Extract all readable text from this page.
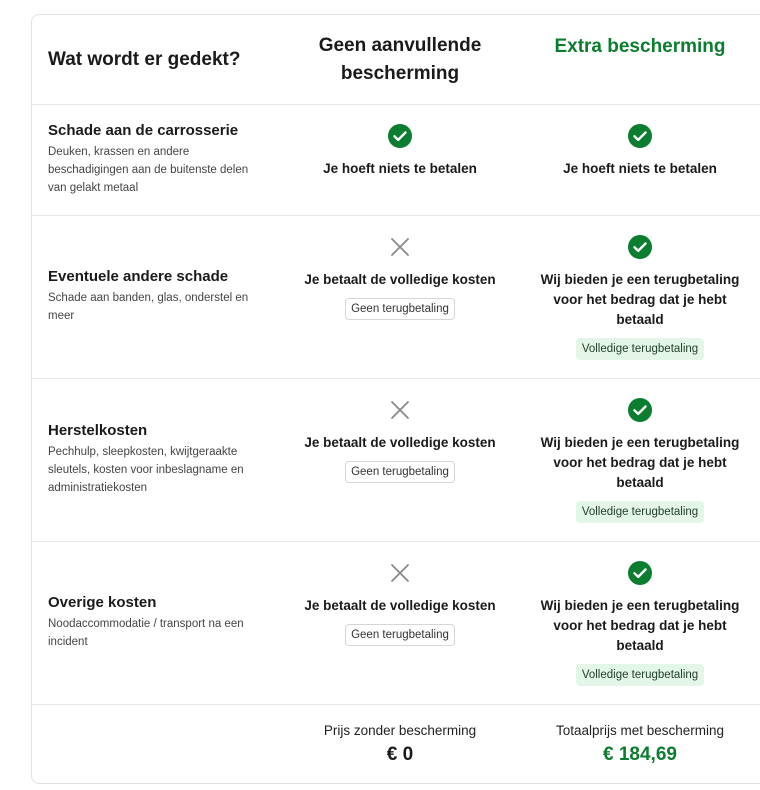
Wat wordt er gedekt?
Geen aanvullende bescherming
Extra bescherming
Schade aan de carrosserie
Deuken, krassen en andere beschadigingen aan de buitenste delen van gelakt metaal
Je hoeft niets te betalen	Je hoeft niets te betalen
Eventuele andere schade
Schade aan banden, glas, onderstel en meer
Je betaalt de volledige kosten
Geen terugbetaling
Wij bieden je een terugbetaling voor het bedrag dat je hebt betaald
Volledige terugbetaling
Herstelkosten
Pechhulp, sleepkosten, kwijtgeraakte sleutels, kosten voor inbeslagname en administratiekosten
Je betaalt de volledige kosten
Geen terugbetaling
Wij bieden je een terugbetaling voor het bedrag dat je hebt betaald
Volledige terugbetaling
Overige kosten
Noodaccommodatie / transport na een incident
Je betaalt de volledige kosten
Geen terugbetaling
Wij bieden je een terugbetaling voor het bedrag dat je hebt betaald
Volledige terugbetaling
Prijs zonder bescherming
€ 0
Totaalprijs met bescherming
€ 184,69
